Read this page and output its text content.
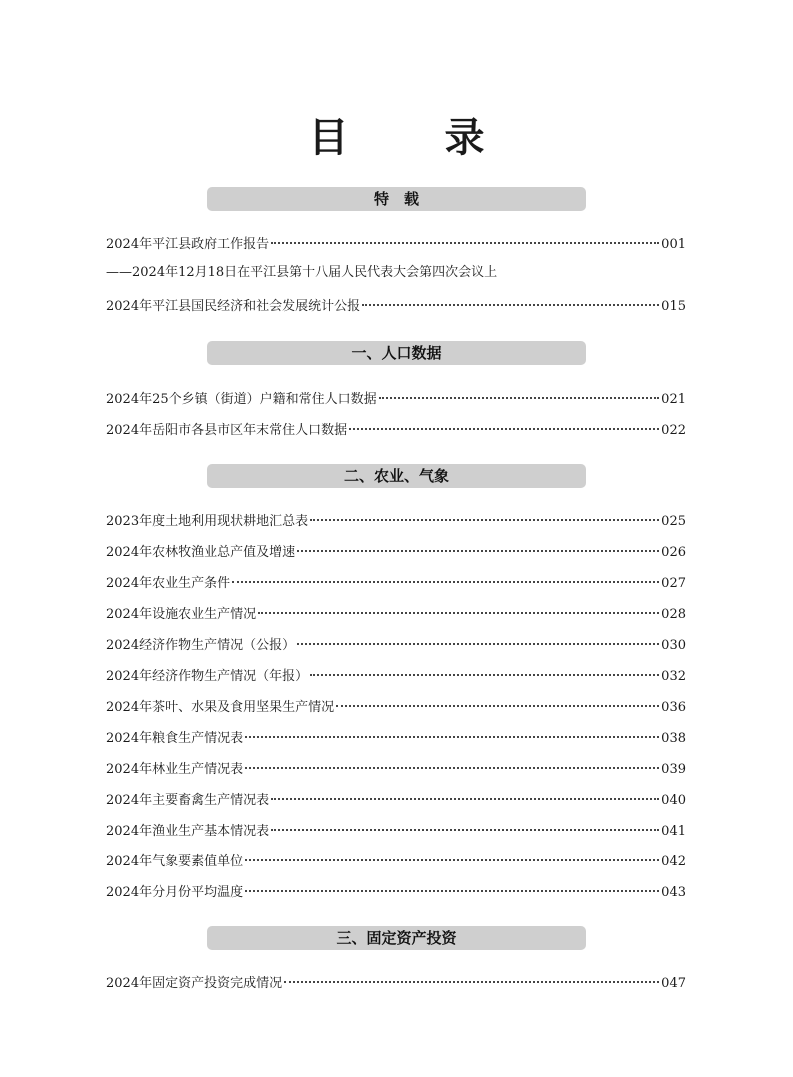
目　录
特　载
2024年平江县政府工作报告	001
——2024年12月18日在平江县第十八届人民代表大会第四次会议上
2024年平江县国民经济和社会发展统计公报	015
一、人口数据
2024年25个乡镇（街道）户籍和常住人口数据	021
2024年岳阳市各县市区年末常住人口数据	022
二、农业、气象
2023年度土地利用现状耕地汇总表	025
2024年农林牧渔业总产值及增速	026
2024年农业生产条件	027
2024年设施农业生产情况	028
2024经济作物生产情况（公报）	030
2024年经济作物生产情况（年报）	032
2024年茶叶、水果及食用坚果生产情况	036
2024年粮食生产情况表	038
2024年林业生产情况表	039
2024年主要畜禽生产情况表	040
2024年渔业生产基本情况表	041
2024年气象要素值单位	042
2024年分月份平均温度	043
三、固定资产投资
2024年固定资产投资完成情况	047
